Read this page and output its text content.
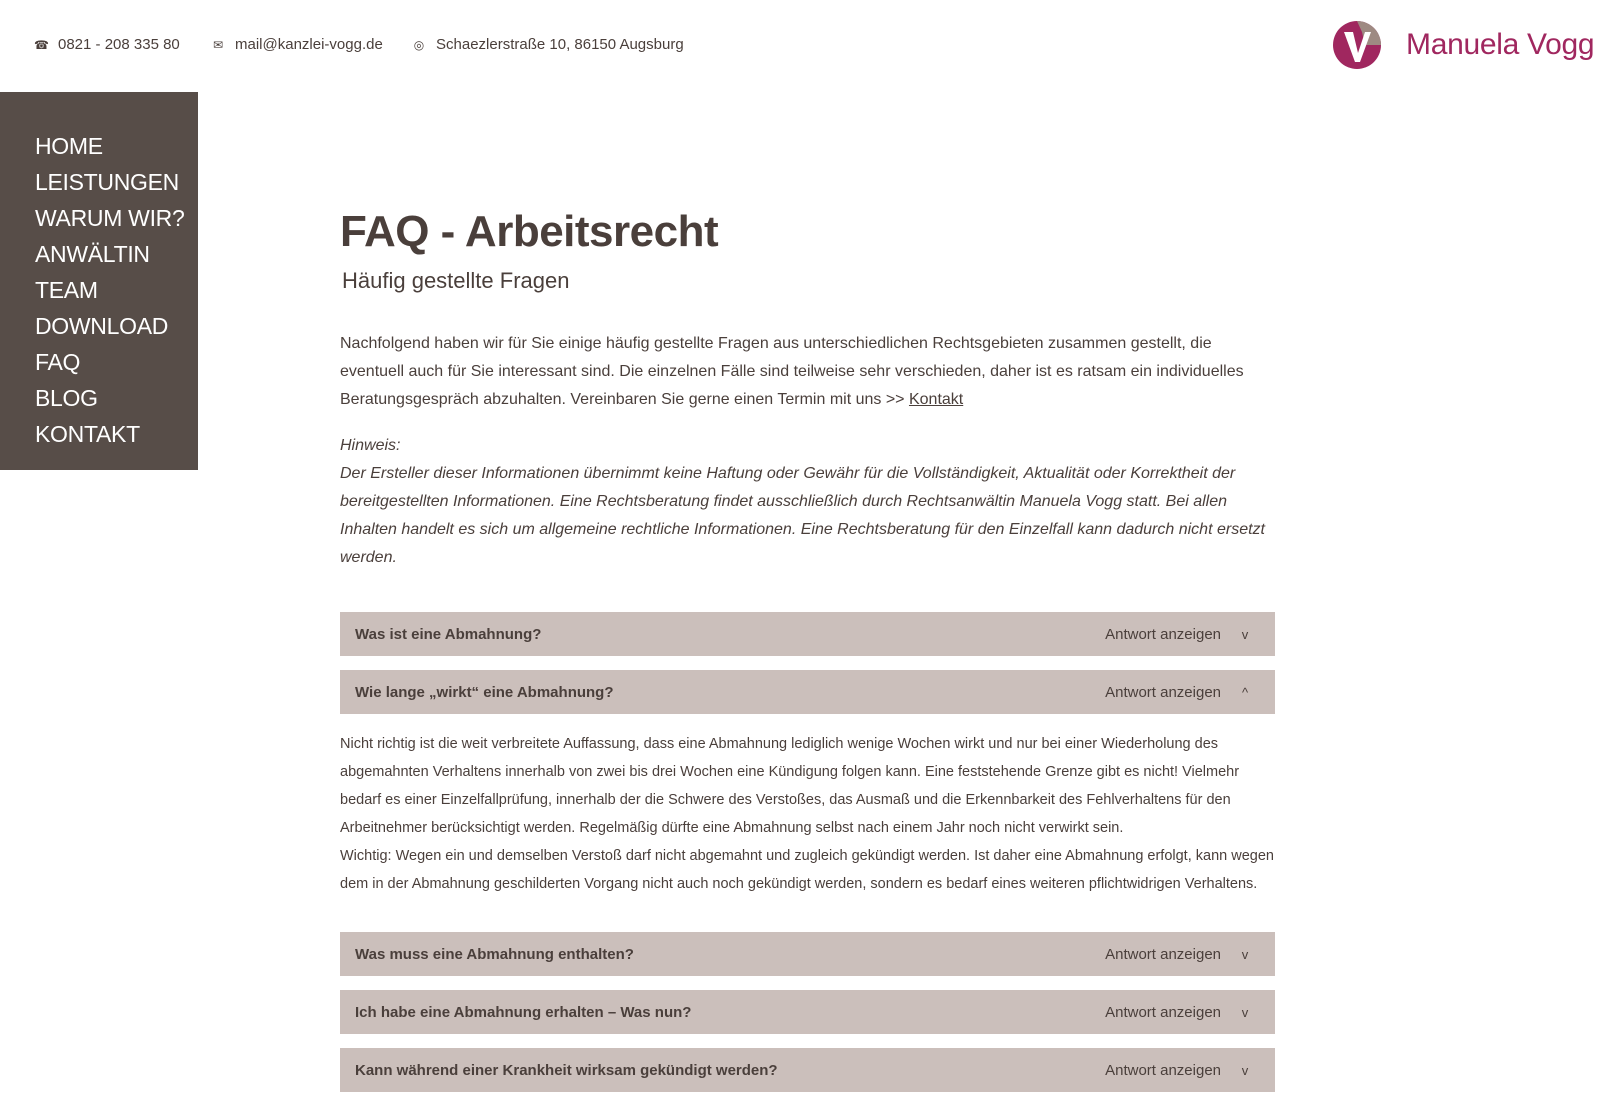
☎ 0821 - 208 335 80	✉ mail@kanzlei-vogg.de	◎ Schaezlerstraße 10, 86150 Augsburg	Manuela Vogg
HOME
LEISTUNGEN
WARUM WIR?
ANWÄLTIN
TEAM
DOWNLOAD
FAQ
BLOG
KONTAKT
FAQ - Arbeitsrecht
Häufig gestellte Fragen

Nachfolgend haben wir für Sie einige häufig gestellte Fragen aus unterschiedlichen Rechtsgebieten zusammen gestellt, die eventuell auch für Sie interessant sind. Die einzelnen Fälle sind teilweise sehr verschieden, daher ist es ratsam ein individuelles Beratungsgespräch abzuhalten. Vereinbaren Sie gerne einen Termin mit uns >> Kontakt

Hinweis:
Der Ersteller dieser Informationen übernimmt keine Haftung oder Gewähr für die Vollständigkeit, Aktualität oder Korrektheit der bereitgestellten Informationen. Eine Rechtsberatung findet ausschließlich durch Rechtsanwältin Manuela Vogg statt. Bei allen Inhalten handelt es sich um allgemeine rechtliche Informationen. Eine Rechtsberatung für den Einzelfall kann dadurch nicht ersetzt werden.
Was ist eine Abmahnung?	Antwort anzeigen v
Wie lange „wirkt“ eine Abmahnung?	Antwort anzeigen ^

Nicht richtig ist die weit verbreitete Auffassung, dass eine Abmahnung lediglich wenige Wochen wirkt und nur bei einer Wiederholung des abgemahnten Verhaltens innerhalb von zwei bis drei Wochen eine Kündigung folgen kann. Eine feststehende Grenze gibt es nicht! Vielmehr bedarf es einer Einzelfallprüfung, innerhalb der die Schwere des Verstoßes, das Ausmaß und die Erkennbarkeit des Fehlverhaltens für den Arbeitnehmer berücksichtigt werden. Regelmäßig dürfte eine Abmahnung selbst nach einem Jahr noch nicht verwirkt sein.

Wichtig: Wegen ein und demselben Verstoß darf nicht abgemahnt und zugleich gekündigt werden. Ist daher eine Abmahnung erfolgt, kann wegen dem in der Abmahnung geschilderten Vorgang nicht auch noch gekündigt werden, sondern es bedarf eines weiteren pflichtwidrigen Verhaltens.

Was muss eine Abmahnung enthalten?	Antwort anzeigen v
Ich habe eine Abmahnung erhalten – Was nun?	Antwort anzeigen v
Kann während einer Krankheit wirksam gekündigt werden?	Antwort anzeigen v
